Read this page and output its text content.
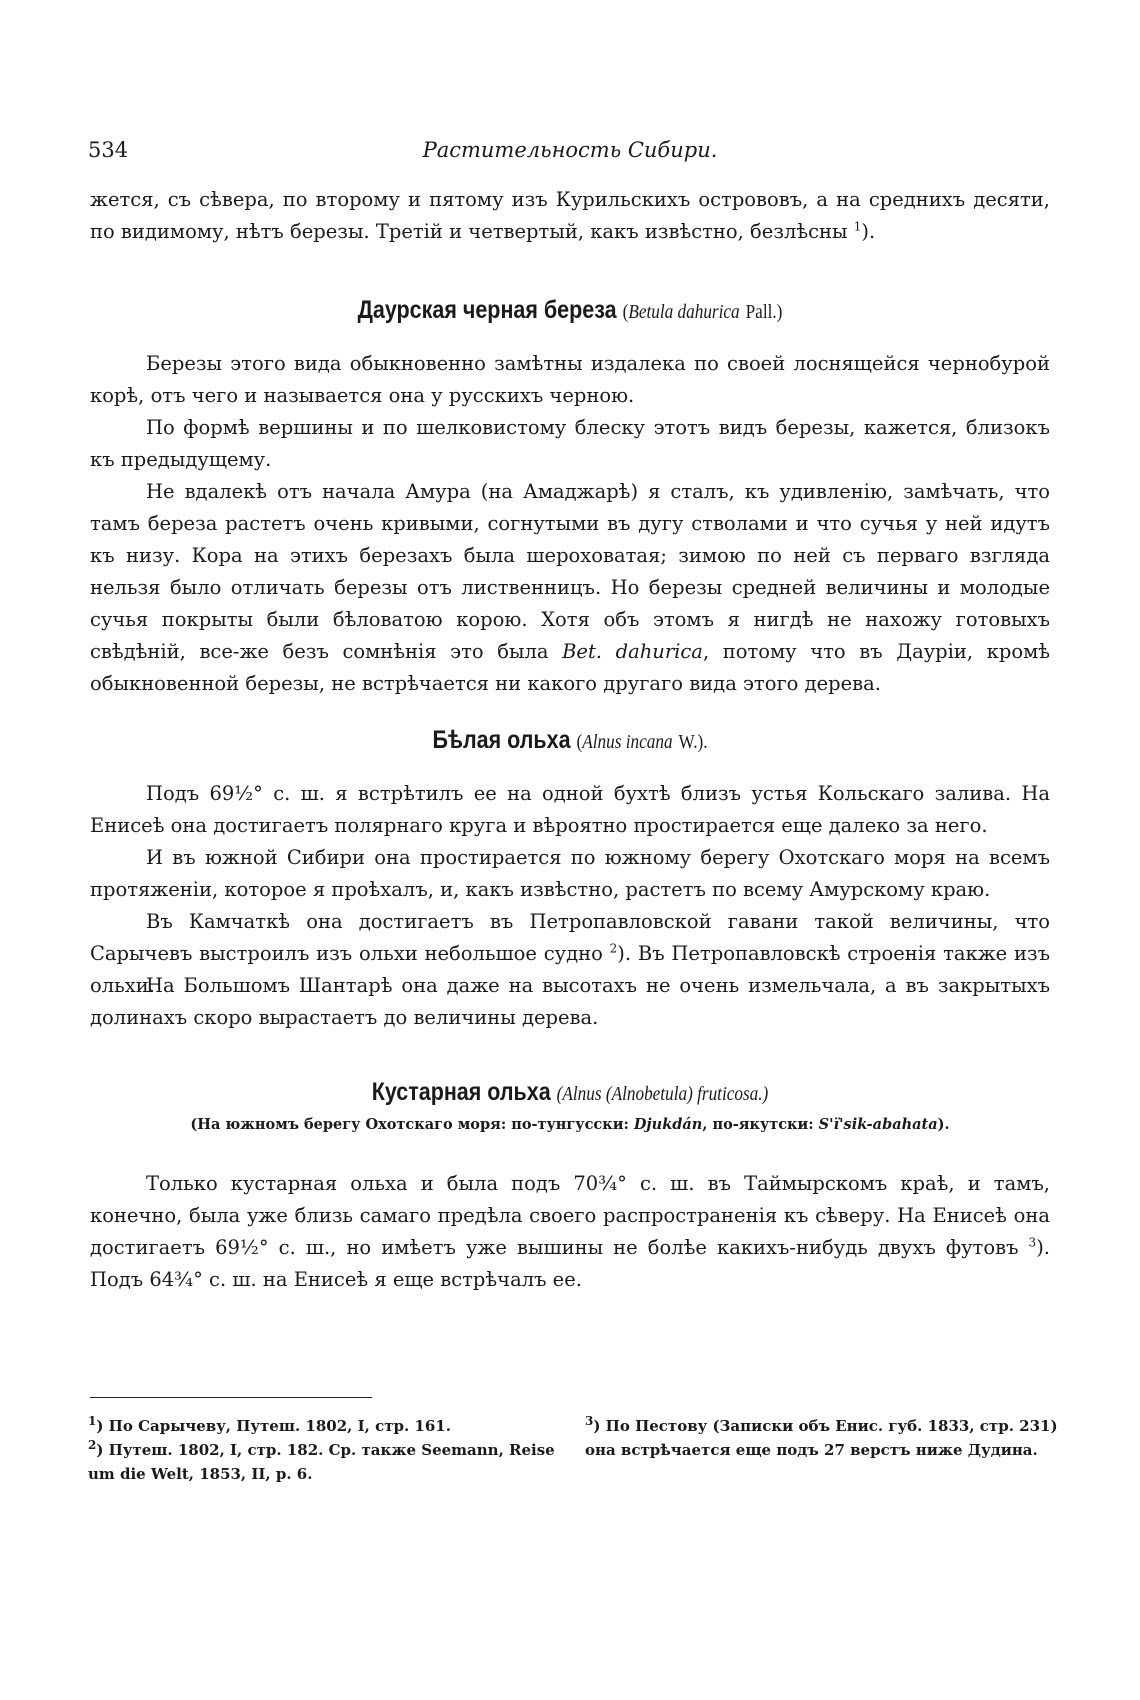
534	Растительность Сибири.
жется, съ сѣвера, по второму и пятому изъ Курильскихъ острововъ, а на среднихъ десяти, по видимому, нѣтъ березы. Третій и четвертый, какъ извѣстно, безлѣсны $^1$).
Даурская черная береза (Betula dahurica Pall.)
Березы этого вида обыкновенно замѣтны издалека по своей лоснящейся чернобурой корѣ, отъ чего и называется она у русскихъ черною.
По формѣ вершины и по шелковистому блеску этотъ видъ березы, кажется, близокъ къ предыдущему.
Не вдалекѣ отъ начала Амура (на Амаджарѣ) я сталъ, къ удивленію, замѣчать, что тамъ береза растетъ очень кривыми, согнутыми въ дугу стволами и что сучья у ней идутъ къ низу. Кора на этихъ березахъ была шероховатая; зимою по ней съ перваго взгляда нельзя было отличать березы отъ лиственницъ. Но березы средней величины и молодые сучья покрыты были бѣловатою корою. Хотя объ этомъ я нигдѣ не нахожу готовыхъ свѣдѣній, все-же безъ сомнѣнія это была Bet. dahurica, потому что въ Дауріи, кромѣ обыкновенной березы, не встрѣчается ни какого другаго вида этого дерева.
Бѣлая ольха (Alnus incana W.).
Подъ 69½° с. ш. я встрѣтилъ ее на одной бухтѣ близъ устья Кольскаго залива. На Енисеѣ она достигаетъ полярнаго круга и вѣроятно простирается еще далеко за него.
И въ южной Сибири она простирается по южному берегу Охотскаго моря на всемъ протяженіи, которое я проѣхалъ, и, какъ извѣстно, растетъ по всему Амурскому краю.
Въ Камчаткѣ она достигаетъ въ Петропавловской гавани такой величины, что Сарычевъ выстроилъ изъ ольхи небольшое судно $^2$). Въ Петропавловскѣ строенія также изъ ольхи.
На Большомъ Шантарѣ она даже на высотахъ не очень измельчала, а въ закрытыхъ долинахъ скоро вырастаетъ до величины дерева.
Кустарная ольха (Alnus (Alnobetula) fruticosa.)
(На южномъ берегу Охотскаго моря: по-тунгусски: Djukdán, по-якутски: S'ï'sik-abahata).
Только кустарная ольха и была подъ 70¾° с. ш. въ Таймырскомъ краѣ, и тамъ, конечно, была уже близь самаго предѣла своего распространенія къ сѣверу. На Енисеѣ она достигаетъ 69½° с. ш., но имѣетъ уже вышины не болѣе какихъ-нибудь двухъ футовъ $^3$). Подъ 64¾° с. ш. на Енисеѣ я еще встрѣчалъ ее.
$^1$) По Сарычеву, Путеш. 1802, I, стр. 161.
$^2$) Путеш. 1802, I, стр. 182. Ср. также Seemann, Reise um die Welt, 1853, II, p. 6.
$^3$) По Пестову (Записки объ Енис. губ. 1833, стр. 231) она встрѣчается еще подъ 27 верстъ ниже Дудина.
